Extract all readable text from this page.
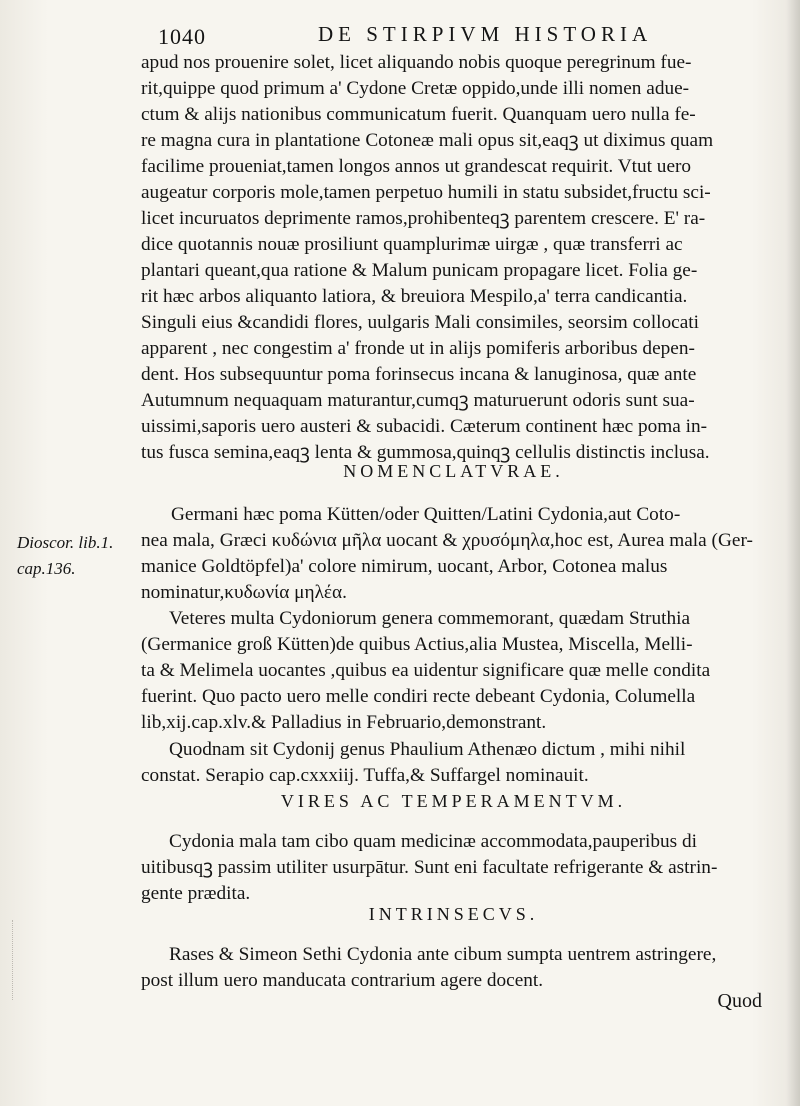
1040	DE STIRPIVM HISTORIA
apud nos prouenire solet, licet aliquando nobis quoque peregrinum fue-
rit,quippe quod primum a' Cydone Cretæ oppido,unde illi nomen adue-
ctum & alijs nationibus communicatum fuerit. Quanquam uero nulla fe-
re magna cura in plantatione Cotoneæ mali opus sit,eaqꝫ ut diximus quam
facilime proueniat,tamen longos annos ut grandescat requirit. Vtut uero
augeatur corporis mole,tamen perpetuo humili in statu subsidet,fructu sci-
licet incuruatos deprimente ramos,prohibenteqꝫ parentem crescere. E' ra-
dice quotannis nouæ prosiliunt quamplurimæ uirgæ , quæ transferri ac
plantari queant,qua ratione & Malum punicam propagare licet. Folia ge-
rit hæc arbos aliquanto latiora, & breuiora Mespilo,a' terra candicantia.
Singuli eius &candidi flores, uulgaris Mali consimiles, seorsim collocati
apparent , nec congestim a' fronde ut in alijs pomiferis arboribus depen-
dent. Hos subsequuntur poma forinsecus incana & lanuginosa, quæ ante
Autumnum nequaquam maturantur,cumqꝫ maturuerunt odoris sunt sua-
uissimi,saporis uero austeri & subacidi. Cæterum continent hæc poma in-
tus fusca semina,eaqꝫ lenta & gummosa,quinqꝫ cellulis distinctis inclusa.
NOMENCLATVRAE.
Germani hæc poma Kütten/oder Quitten/Latini Cydonia,aut Coto-
nea mala, Græci κυδώνια μῆλα uocant & χρυσόμηλα,hoc est, Aurea mala (Ger-
manice Goldtöpfel)a' colore nimirum, uocant, Arbor, Cotonea malus
nominatur,κυδωνία μηλέα.
Dioscor. lib.1.
cap.136.
Veteres multa Cydoniorum genera commemorant, quædam Struthia
(Germanice groß Kütten)de quibus Actius,alia Mustea, Miscella, Melli-
ta & Melimela uocantes ,quibus ea uidentur significare quæ melle condita
fuerint. Quo pacto uero melle condiri recte debeant Cydonia, Columella
lib,xij.cap.xlv.& Palladius in Februario,demonstrant.
Quodnam sit Cydonij genus Phaulium Athenæo dictum , mihi nihil
constat. Serapio cap.cxxxiij. Tuffa,& Suffargel nominauit.
VIRES AC TEMPERAMENTVM.
Cydonia mala tam cibo quam medicinæ accommodata,pauperibus di
uitibusqꝫ passim utiliter usurpātur. Sunt eni facultate refrigerante & astrin-
gente prædita.
INTRINSECVS.
Rases & Simeon Sethi Cydonia ante cibum sumpta uentrem astringere,
post illum uero manducata contrarium agere docent.
Quod
